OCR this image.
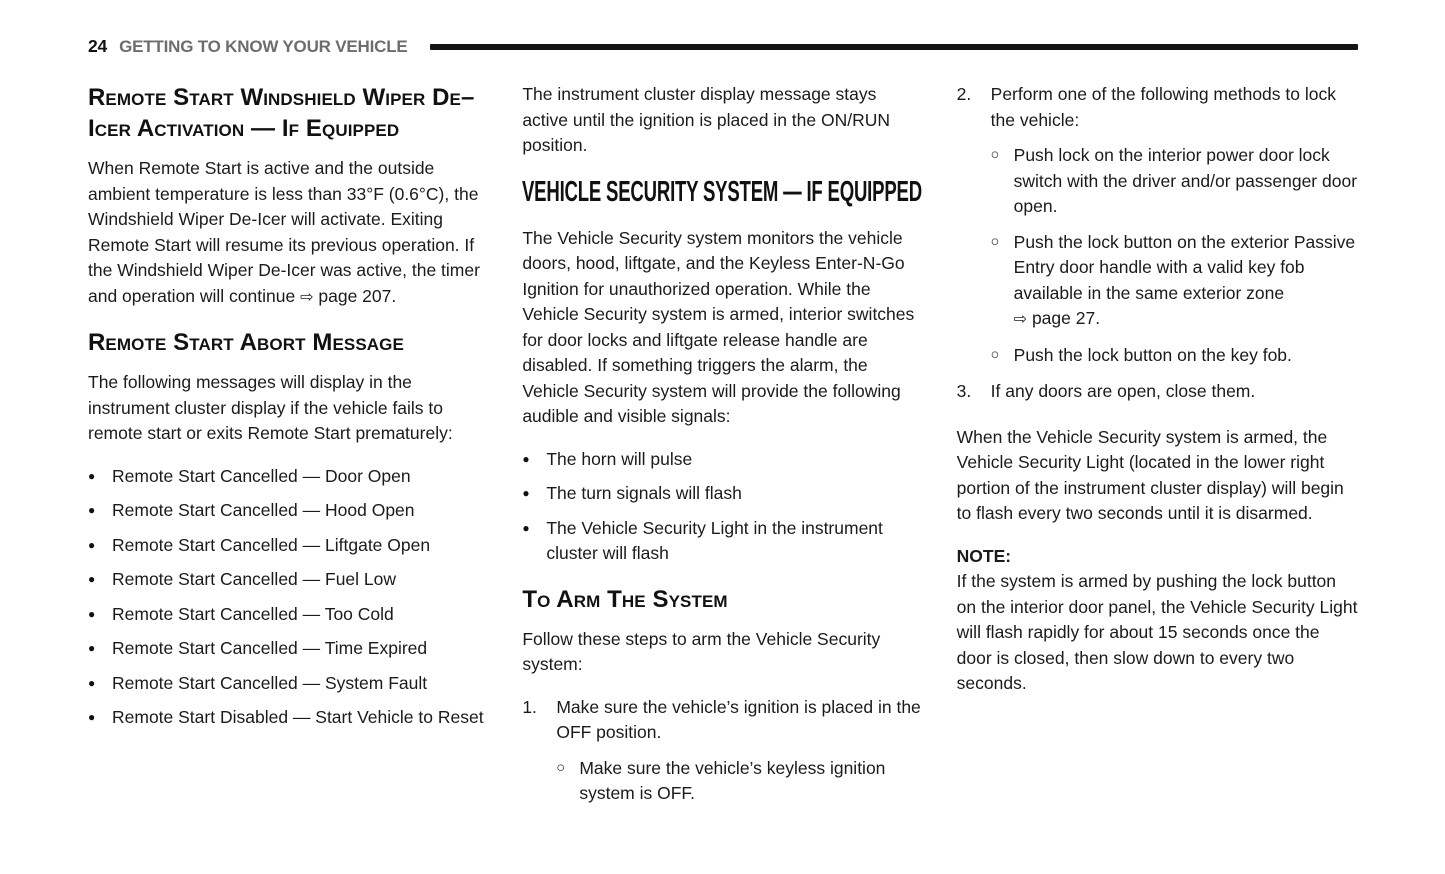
24 GETTING TO KNOW YOUR VEHICLE
Remote Start Windshield Wiper De–Icer Activation — If Equipped

When Remote Start is active and the outside ambient temperature is less than 33°F (0.6°C), the Windshield Wiper De-Icer will activate. Exiting Remote Start will resume its previous operation. If the Windshield Wiper De-Icer was active, the timer and operation will continue ⇨ page 207.

Remote Start Abort Message

The following messages will display in the instrument cluster display if the vehicle fails to remote start or exits Remote Start prematurely:

● Remote Start Cancelled — Door Open
● Remote Start Cancelled — Hood Open
● Remote Start Cancelled — Liftgate Open
● Remote Start Cancelled — Fuel Low
● Remote Start Cancelled — Too Cold
● Remote Start Cancelled — Time Expired
● Remote Start Cancelled — System Fault
● Remote Start Disabled — Start Vehicle to Reset

The instrument cluster display message stays active until the ignition is placed in the ON/RUN position.

VEHICLE SECURITY SYSTEM — IF EQUIPPED

The Vehicle Security system monitors the vehicle doors, hood, liftgate, and the Keyless Enter-N-Go Ignition for unauthorized operation. While the Vehicle Security system is armed, interior switches for door locks and liftgate release handle are disabled. If something triggers the alarm, the Vehicle Security system will provide the following audible and visible signals:

● The horn will pulse
● The turn signals will flash
● The Vehicle Security Light in the instrument cluster will flash
To Arm The System

Follow these steps to arm the Vehicle Security system:

1.	Make sure the vehicle’s ignition is placed in the OFF position.
○ Make sure the vehicle’s keyless ignition system is OFF.
2.	Perform one of the following methods to lock the vehicle:
○ Push lock on the interior power door lock switch with the driver and/or passenger door open.
○ Push the lock button on the exterior Passive Entry door handle with a valid key fob available in the same exterior zone ⇨ page 27.
○ Push the lock button on the key fob.
3.	If any doors are open, close them.

When the Vehicle Security system is armed, the Vehicle Security Light (located in the lower right portion of the instrument cluster display) will begin to flash every two seconds until it is disarmed.

NOTE:

If the system is armed by pushing the lock button on the interior door panel, the Vehicle Security Light will flash rapidly for about 15 seconds once the door is closed, then slow down to every two seconds.
